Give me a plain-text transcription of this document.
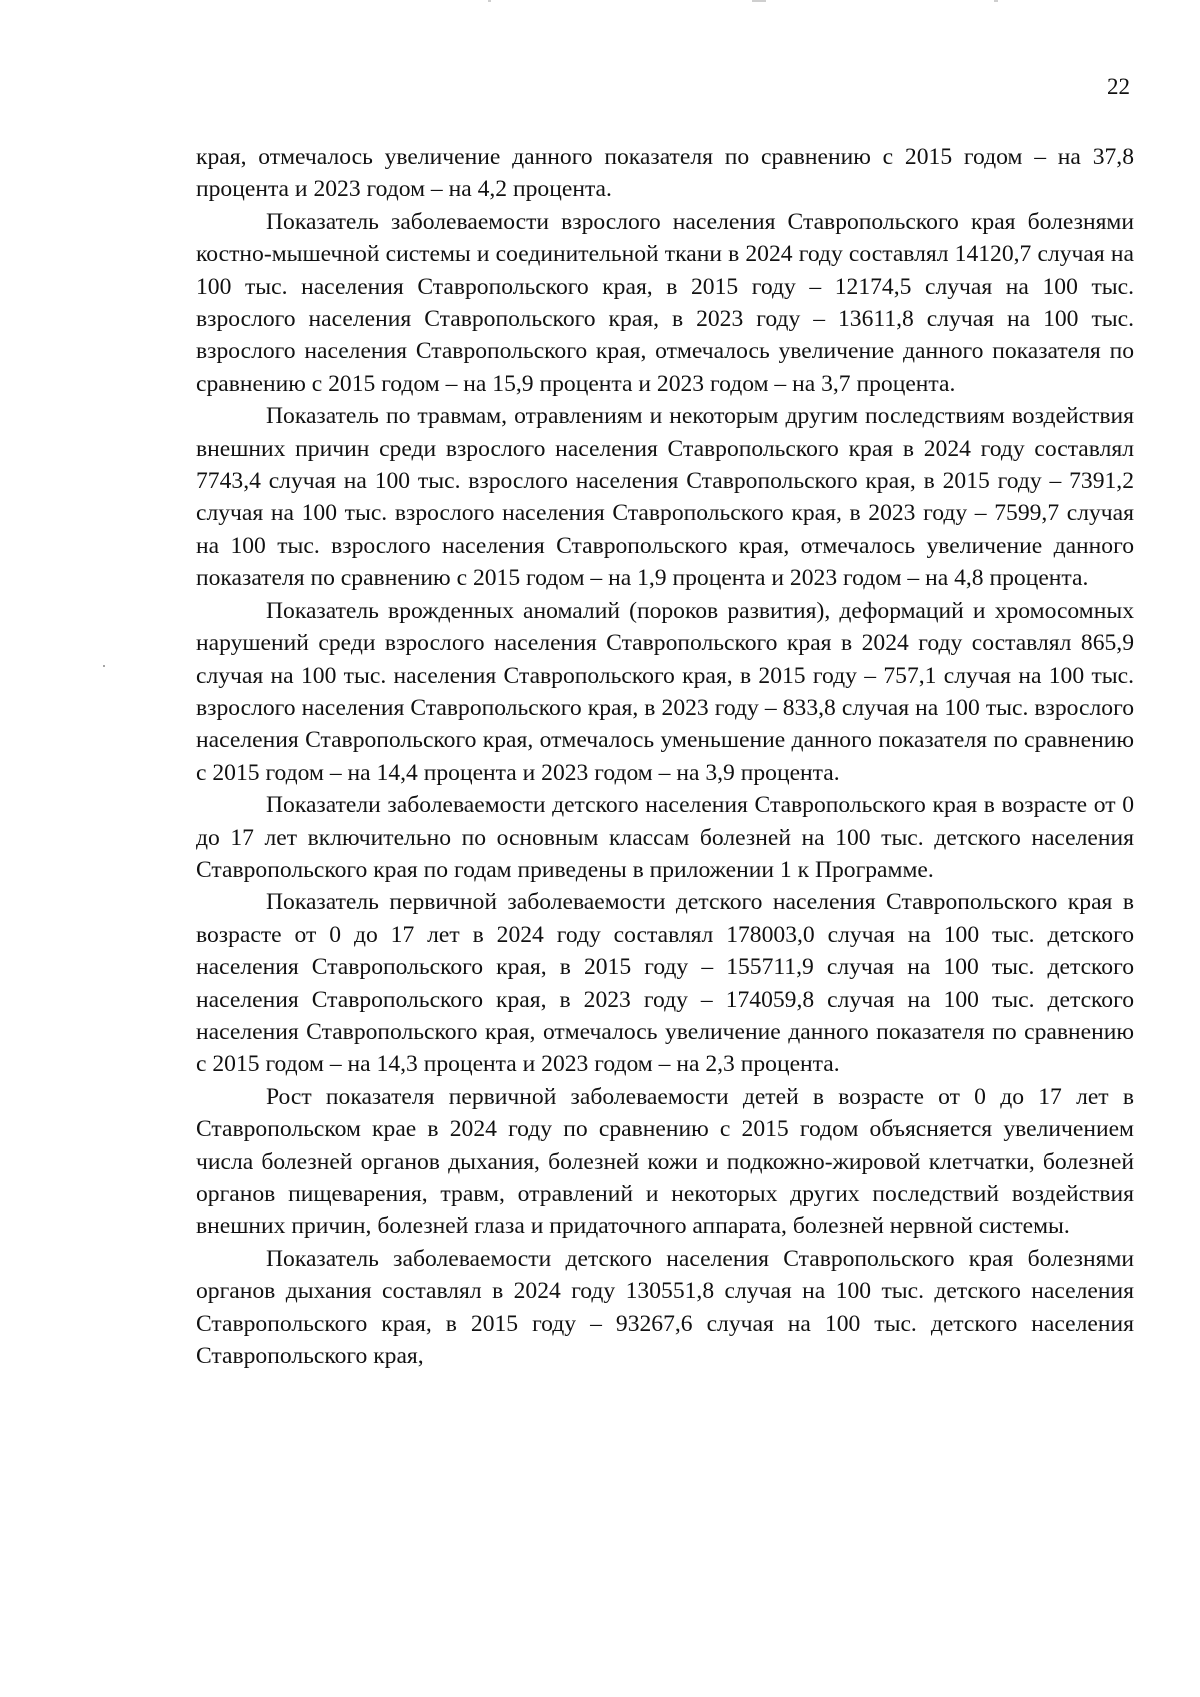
22

края, отмечалось увеличение данного показателя по сравнению с 2015 годом – на 37,8 процента и 2023 годом – на 4,2 процента.

Показатель заболеваемости взрослого населения Ставропольского края болезнями костно-мышечной системы и соединительной ткани в 2024 году составлял 14120,7 случая на 100 тыс. населения Ставропольского края, в 2015 году – 12174,5 случая на 100 тыс. взрослого населения Ставропольского края, в 2023 году – 13611,8 случая на 100 тыс. взрослого населения Ставропольского края, отмечалось увеличение данного показателя по сравнению с 2015 годом – на 15,9 процента и 2023 годом – на 3,7 процента.

Показатель по травмам, отравлениям и некоторым другим последствиям воздействия внешних причин среди взрослого населения Ставропольского края в 2024 году составлял 7743,4 случая на 100 тыс. взрослого населения Ставропольского края, в 2015 году – 7391,2 случая на 100 тыс. взрослого населения Ставропольского края, в 2023 году – 7599,7 случая на 100 тыс. взрослого населения Ставропольского края, отмечалось увеличение данного показателя по сравнению с 2015 годом – на 1,9 процента и 2023 годом – на 4,8 процента.

Показатель врожденных аномалий (пороков развития), деформаций и хромосомных нарушений среди взрослого населения Ставропольского края в 2024 году составлял 865,9 случая на 100 тыс. населения Ставропольского края, в 2015 году – 757,1 случая на 100 тыс. взрослого населения Ставропольского края, в 2023 году – 833,8 случая на 100 тыс. взрослого населения Ставропольского края, отмечалось уменьшение данного показателя по сравнению с 2015 годом – на 14,4 процента и 2023 годом – на 3,9 процента.

Показатели заболеваемости детского населения Ставропольского края в возрасте от 0 до 17 лет включительно по основным классам болезней на 100 тыс. детского населения Ставропольского края по годам приведены в приложении 1 к Программе.

Показатель первичной заболеваемости детского населения Ставропольского края в возрасте от 0 до 17 лет в 2024 году составлял 178003,0 случая на 100 тыс. детского населения Ставропольского края, в 2015 году – 155711,9 случая на 100 тыс. детского населения Ставропольского края, в 2023 году – 174059,8 случая на 100 тыс. детского населения Ставропольского края, отмечалось увеличение данного показателя по сравнению с 2015 годом – на 14,3 процента и 2023 годом – на 2,3 процента.

Рост показателя первичной заболеваемости детей в возрасте от 0 до 17 лет в Ставропольском крае в 2024 году по сравнению с 2015 годом объясняется увеличением числа болезней органов дыхания, болезней кожи и подкожно-жировой клетчатки, болезней органов пищеварения, травм, отравлений и некоторых других последствий воздействия внешних причин, болезней глаза и придаточного аппарата, болезней нервной системы.

Показатель заболеваемости детского населения Ставропольского края болезнями органов дыхания составлял в 2024 году 130551,8 случая на 100 тыс. детского населения Ставропольского края, в 2015 году – 93267,6 случая на 100 тыс. детского населения Ставропольского края,
